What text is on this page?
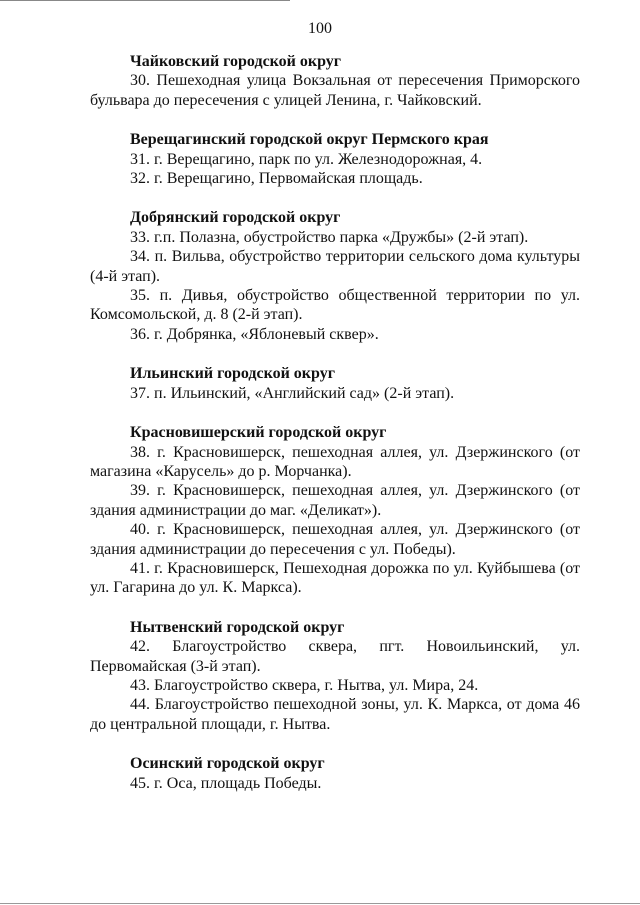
100

Чайковский городской округ

30. Пешеходная улица Вокзальная от пересечения Приморского бульвара до пересечения с улицей Ленина, г. Чайковский.

Верещагинский городской округ Пермского края

31. г. Верещагино, парк по ул. Железнодорожная, 4.

32. г. Верещагино, Первомайская площадь.

Добрянский городской округ

33. г.п. Полазна, обустройство парка «Дружбы» (2-й этап).

34. п. Вильва, обустройство территории сельского дома культуры (4-й этап).

35. п. Дивья, обустройство общественной территории по ул. Комсомольской, д. 8 (2-й этап).

36. г. Добрянка, «Яблоневый сквер».

Ильинский городской округ

37. п. Ильинский, «Английский сад» (2-й этап).

Красновишерский городской округ

38. г. Красновишерск, пешеходная аллея, ул. Дзержинского (от магазина «Карусель» до р. Морчанка).

39. г. Красновишерск, пешеходная аллея, ул. Дзержинского (от здания администрации до маг. «Деликат»).

40. г. Красновишерск, пешеходная аллея, ул. Дзержинского (от здания администрации до пересечения с ул. Победы).

41. г. Красновишерск, Пешеходная дорожка по ул. Куйбышева (от ул. Гагарина до ул. К. Маркса).

Нытвенский городской округ

42. Благоустройство сквера, пгт. Новоильинский, ул. Первомайская (3-й этап).

43. Благоустройство сквера, г. Нытва, ул. Мира, 24.

44. Благоустройство пешеходной зоны, ул. К. Маркса, от дома 46 до центральной площади, г. Нытва.

Осинский городской округ

45. г. Оса, площадь Победы.
